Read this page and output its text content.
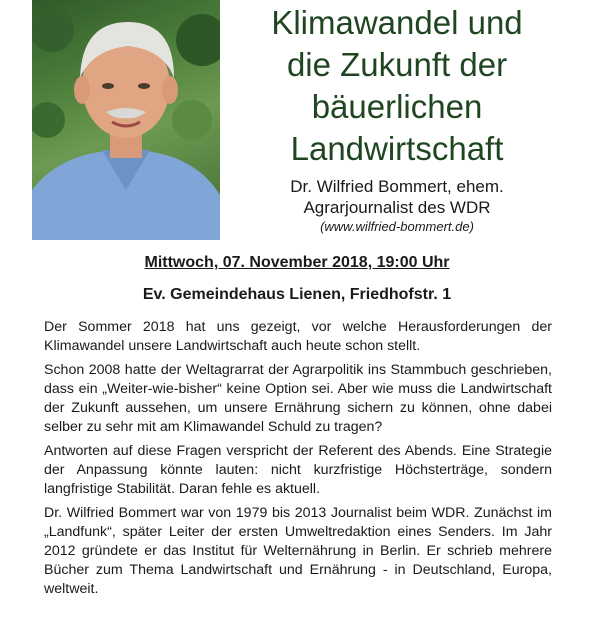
Klimawandel und
die Zukunft der
bäuerlichen
Landwirtschaft
Dr. Wilfried Bommert, ehem.
Agrarjournalist des WDR
(www.wilfried-bommert.de)
Mittwoch, 07. November 2018, 19:00 Uhr
Ev. Gemeindehaus Lienen, Friedhofstr. 1

Der Sommer 2018 hat uns gezeigt, vor welche Herausforderungen der Klimawandel unsere Landwirtschaft auch heute schon stellt.

Schon 2008 hatte der Weltagrarrat der Agrarpolitik ins Stammbuch geschrieben, dass ein „Weiter-wie-bisher“ keine Option sei. Aber wie muss die Landwirtschaft der Zukunft aussehen, um unsere Ernährung sichern zu können, ohne dabei selber zu sehr mit am Klimawandel Schuld zu tragen?

Antworten auf diese Fragen verspricht der Referent des Abends. Eine Strategie der Anpassung könnte lauten: nicht kurzfristige Höchsterträge, sondern langfristige Stabilität. Daran fehle es aktuell.

Dr. Wilfried Bommert war von 1979 bis 2013 Journalist beim WDR. Zunächst im „Landfunk“, später Leiter der ersten Umweltredaktion eines Senders. Im Jahr 2012 gründete er das Institut für Welternährung in Berlin. Er schrieb mehrere Bücher zum Thema Landwirtschaft und Ernährung - in Deutschland, Europa, weltweit.
